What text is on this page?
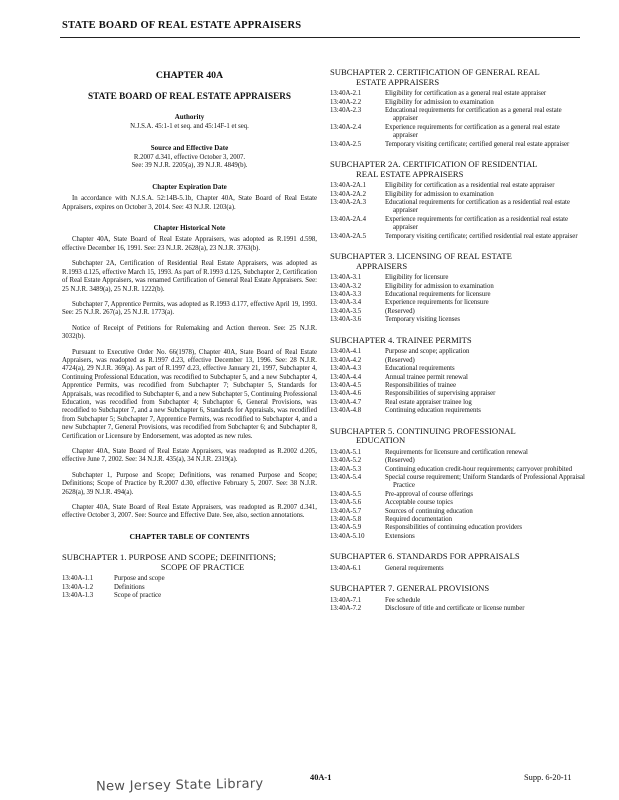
STATE BOARD OF REAL ESTATE APPRAISERS
CHAPTER 40A
STATE BOARD OF REAL ESTATE APPRAISERS
Authority
N.J.S.A. 45:1-1 et seq. and 45:14F-1 et seq.
Source and Effective Date
R.2007 d.341, effective October 3, 2007.
See: 39 N.J.R. 2205(a), 39 N.J.R. 4849(b).
Chapter Expiration Date
In accordance with N.J.S.A. 52:14B-5.1b, Chapter 40A, State Board of Real Estate Appraisers, expires on October 3, 2014. See: 43 N.J.R. 1203(a).
Chapter Historical Note
Chapter 40A, State Board of Real Estate Appraisers, was adopted as R.1991 d.598, effective December 16, 1991. See: 23 N.J.R. 2628(a), 23 N.J.R. 3763(b).
Subchapter 2A, Certification of Residential Real Estate Appraisers, was adopted as R.1993 d.125, effective March 15, 1993. As part of R.1993 d.125, Subchapter 2, Certification of Real Estate Appraisers, was renamed Certification of General Real Estate Appraisers. See: 25 N.J.R. 3489(a), 25 N.J.R. 1222(b).
Subchapter 7, Apprentice Permits, was adopted as R.1993 d.177, effective April 19, 1993. See: 25 N.J.R. 267(a), 25 N.J.R. 1773(a).
Notice of Receipt of Petitions for Rulemaking and Action thereon. See: 25 N.J.R. 3032(b).
Pursuant to Executive Order No. 66(1978), Chapter 40A, State Board of Real Estate Appraisers, was readopted as R.1997 d.23, effective December 13, 1996. See: 28 N.J.R. 4724(a), 29 N.J.R. 369(a). As part of R.1997 d.23, effective January 21, 1997, Subchapter 4, Continuing Professional Education, was recodified to Subchapter 5, and a new Subchapter 4, Apprentice Permits, was recodified from Subchapter 7; Subchapter 5, Standards for Appraisals, was recodified to Subchapter 6, and a new Subchapter 5, Continuing Professional Education, was recodified from Subchapter 4; Subchapter 6, General Provisions, was recodified to Subchapter 7, and a new Subchapter 6, Standards for Appraisals, was recodified from Subchapter 5; Subchapter 7, Apprentice Permits, was recodified to Subchapter 4, and a new Subchapter 7, General Provisions, was recodified from Subchapter 6; and Subchapter 8, Certification or Licensure by Endorsement, was adopted as new rules.
Chapter 40A, State Board of Real Estate Appraisers, was readopted as R.2002 d.205, effective June 7, 2002. See: 34 N.J.R. 435(a), 34 N.J.R. 2319(a).
Subchapter 1, Purpose and Scope; Definitions, was renamed Purpose and Scope; Definitions; Scope of Practice by R.2007 d.30, effective February 5, 2007. See: 38 N.J.R. 2628(a), 39 N.J.R. 494(a).
Chapter 40A, State Board of Real Estate Appraisers, was readopted as R.2007 d.341, effective October 3, 2007. See: Source and Effective Date. See, also, section annotations.
CHAPTER TABLE OF CONTENTS
SUBCHAPTER 1. PURPOSE AND SCOPE; DEFINITIONS;
SCOPE OF PRACTICE
13:40A-1.1	Purpose and scope
13:40A-1.2	Definitions
13:40A-1.3	Scope of practice
SUBCHAPTER 2. CERTIFICATION OF GENERAL REAL
ESTATE APPRAISERS
13:40A-2.1	Eligibility for certification as a general real estate appraiser
13:40A-2.2	Eligibility for admission to examination
13:40A-2.3	Educational requirements for certification as a general real estate appraiser
13:40A-2.4	Experience requirements for certification as a general real estate appraiser
13:40A-2.5	Temporary visiting certificate; certified general real estate appraiser
SUBCHAPTER 2A. CERTIFICATION OF RESIDENTIAL
REAL ESTATE APPRAISERS
13:40A-2A.1	Eligibility for certification as a residential real estate appraiser
13:40A-2A.2	Eligibility for admission to examination
13:40A-2A.3	Educational requirements for certification as a residential real estate appraiser
13:40A-2A.4	Experience requirements for certification as a residential real estate appraiser
13:40A-2A.5	Temporary visiting certificate; certified residential real estate appraiser
SUBCHAPTER 3. LICENSING OF REAL ESTATE
APPRAISERS
13:40A-3.1	Eligibility for licensure
13:40A-3.2	Eligibility for admission to examination
13:40A-3.3	Educational requirements for licensure
13:40A-3.4	Experience requirements for licensure
13:40A-3.5	(Reserved)
13:40A-3.6	Temporary visiting licenses
SUBCHAPTER 4. TRAINEE PERMITS
13:40A-4.1	Purpose and scope; application
13:40A-4.2	(Reserved)
13:40A-4.3	Educational requirements
13:40A-4.4	Annual trainee permit renewal
13:40A-4.5	Responsibilities of trainee
13:40A-4.6	Responsibilities of supervising appraiser
13:40A-4.7	Real estate appraiser trainee log
13:40A-4.8	Continuing education requirements
SUBCHAPTER 5. CONTINUING PROFESSIONAL
EDUCATION
13:40A-5.1	Requirements for licensure and certification renewal
13:40A-5.2	(Reserved)
13:40A-5.3	Continuing education credit-hour requirements; carryover prohibited
13:40A-5.4	Special course requirement; Uniform Standards of Professional Appraisal Practice
13:40A-5.5	Pre-approval of course offerings
13:40A-5.6	Acceptable course topics
13:40A-5.7	Sources of continuing education
13:40A-5.8	Required documentation
13:40A-5.9	Responsibilities of continuing education providers
13:40A-5.10	Extensions
SUBCHAPTER 6. STANDARDS FOR APPRAISALS
13:40A-6.1	General requirements
SUBCHAPTER 7. GENERAL PROVISIONS
13:40A-7.1	Fee schedule
13:40A-7.2	Disclosure of title and certificate or license number
40A-1	Supp. 6-20-11
New Jersey State Library
